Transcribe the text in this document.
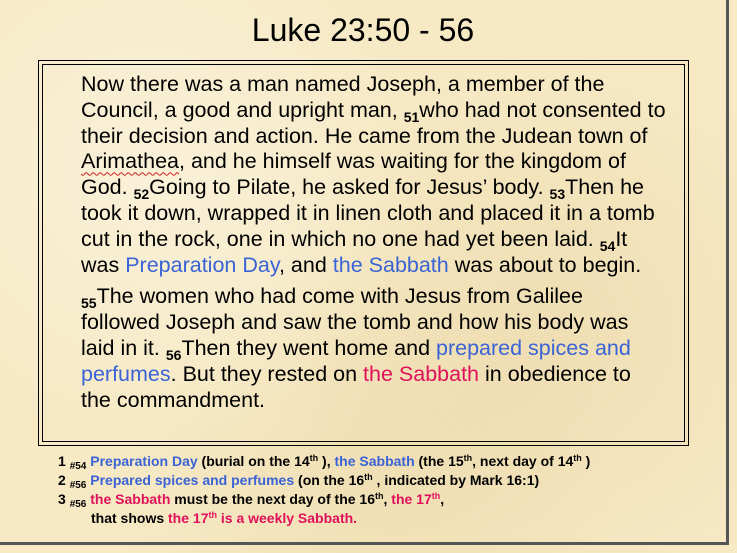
Luke 23:50 - 56

Now there was a man named Joseph, a member of the Council, a good and upright man, $_{51}$who had not consented to their decision and action. He came from the Judean town of Arimathea, and he himself was waiting for the kingdom of God. $_{52}$Going to Pilate, he asked for Jesus’ body. $_{53}$Then he took it down, wrapped it in linen cloth and placed it in a tomb cut in the rock, one in which no one had yet been laid. $_{54}$It was Preparation Day, and the Sabbath was about to begin.

$_{55}$The women who had come with Jesus from Galilee followed Joseph and saw the tomb and how his body was laid in it. $_{56}$Then they went home and prepared spices and perfumes. But they rested on the Sabbath in obedience to the commandment.

1 $_{\#54}$ Preparation Day (burial on the 14th ), the Sabbath (the 15th, next day of 14th )
2 $_{\#56}$ Prepared spices and perfumes (on the 16th , indicated by Mark 16:1)
3 $_{\#56}$ the Sabbath must be the next day of the 16th, the 17th,
that shows the 17th is a weekly Sabbath.
